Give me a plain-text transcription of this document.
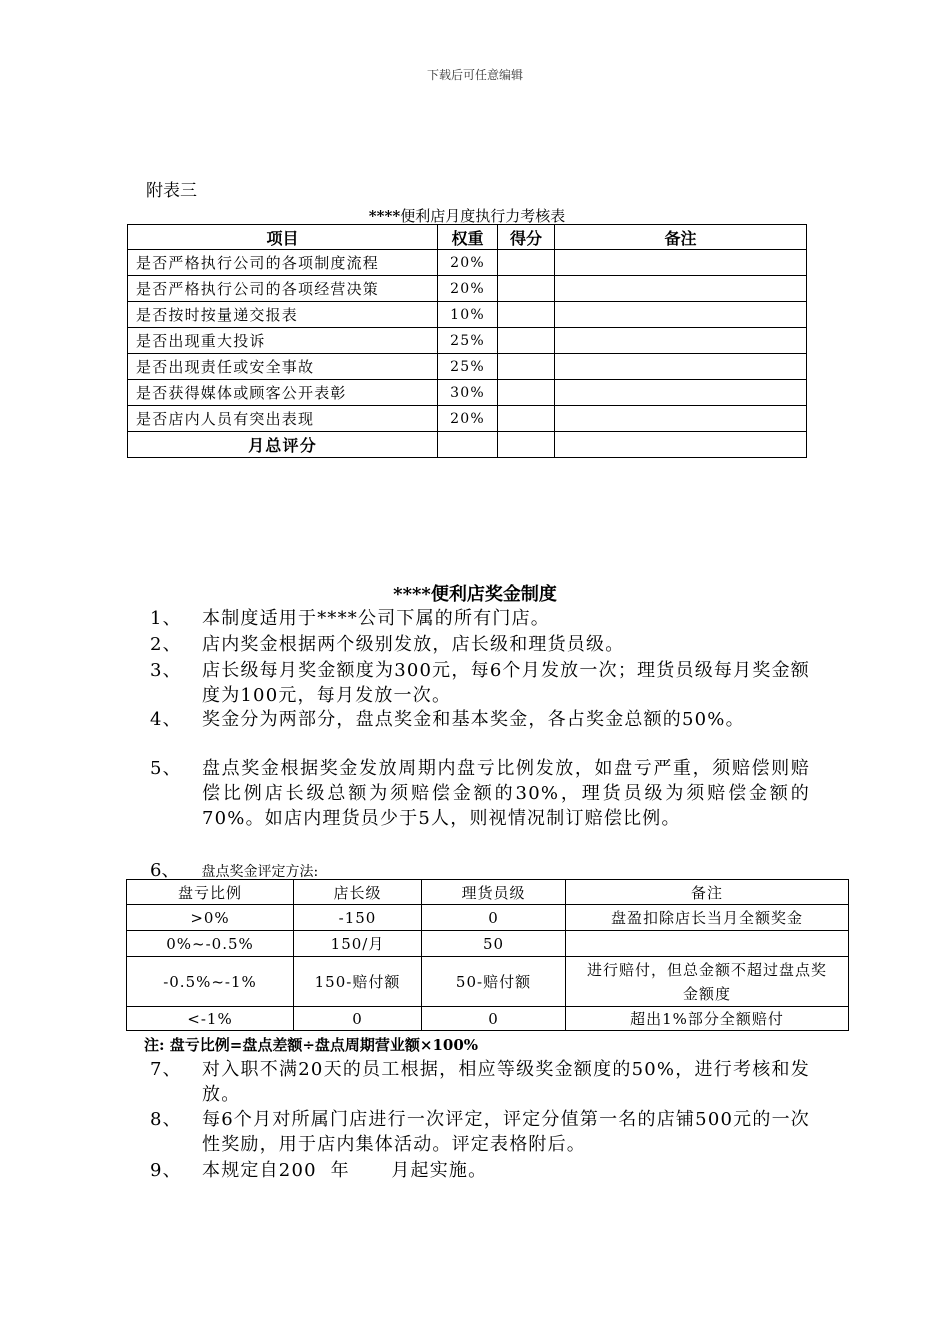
下载后可任意编辑
附表三
****便利店月度执行力考核表
项目	权重	得分	备注
是否严格执行公司的各项制度流程	20%		
是否严格执行公司的各项经营决策	20%		
是否按时按量递交报表	10%		
是否出现重大投诉	25%		
是否出现责任或安全事故	25%		
是否获得媒体或顾客公开表彰	30%		
是否店内人员有突出表现	20%		
月总评分			
****便利店奖金制度
1、 本制度适用于****公司下属的所有门店。
2、 店内奖金根据两个级别发放，店长级和理货员级。
3、 店长级每月奖金额度为300元，每6个月发放一次；理货员级每月奖金额度为100元，每月发放一次。
4、 奖金分为两部分，盘点奖金和基本奖金，各占奖金总额的50%。
5、 盘点奖金根据奖金发放周期内盘亏比例发放，如盘亏严重，须赔偿则赔偿比例店长级总额为须赔偿金额的30%，理货员级为须赔偿金额的70%。如店内理货员少于5人，则视情况制订赔偿比例。
6、 盘点奖金评定方法:
盘亏比例	店长级	理货员级	备注
>0%	-150	0	盘盈扣除店长当月全额奖金
0%~-0.5%	150/月	50	
-0.5%~-1%	150-赔付额	50-赔付额	进行赔付，但总金额不超过盘点奖金额度
<-1%	0	0	超出1%部分全额赔付
注: 盘亏比例=盘点差额÷盘点周期营业额×100%
7、 对入职不满20天的员工根据，相应等级奖金额度的50%，进行考核和发放。
8、 每6个月对所属门店进行一次评定，评定分值第一名的店铺500元的一次性奖励，用于店内集体活动。评定表格附后。
9、 本规定自200  年      月起实施。
